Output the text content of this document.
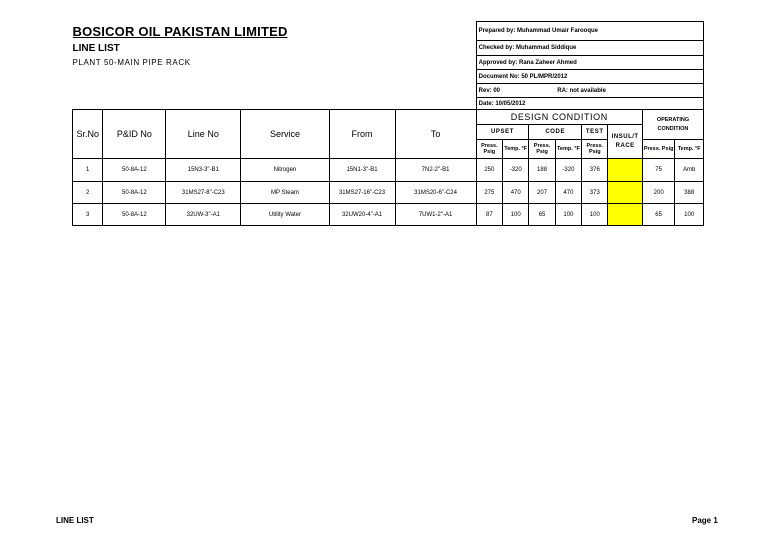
BOSICOR OIL PAKISTAN LIMITED						Prepared by: Muhammad Umair Farooque							
LINE LIST						Checked by: Muhammad Siddique							
PLANT 50-MAIN PIPE RACK						Approved by: Rana Zaheer Ahmed							
						Document No: 50 PL/MPR/2012							
						Rev: 00			RA: not available				
						Date: 10/05/2012							
Sr.No	P&ID No	Line No	Service	From	To	DESIGN CONDITION						OPERATING CONDITION	
						UPSET		CODE		TEST	INSUL/T RACE		
						Press. Psig	Temp. °F	Press. Psig	Temp. °F	Press. Psig		Press. Psig	Temp. °F
1	50-8A-12	15N3-3"-B1	Nitrogen	15N1-3"-B1	7N2-2"-B1	250	-320	188	-320	376		75	Amb
2	50-8A-12	31MS27-8"-C23	MP Steam	31MS27-16"-C23	31MS20-6"-C24	275	470	207	470	373		200	388
3	50-8A-12	32UW-3"-A1	Utility Water	32UW20-4"-A1	7UW1-2"-A1	87	100	65	100	100		65	100
LINE LIST	Page 1
